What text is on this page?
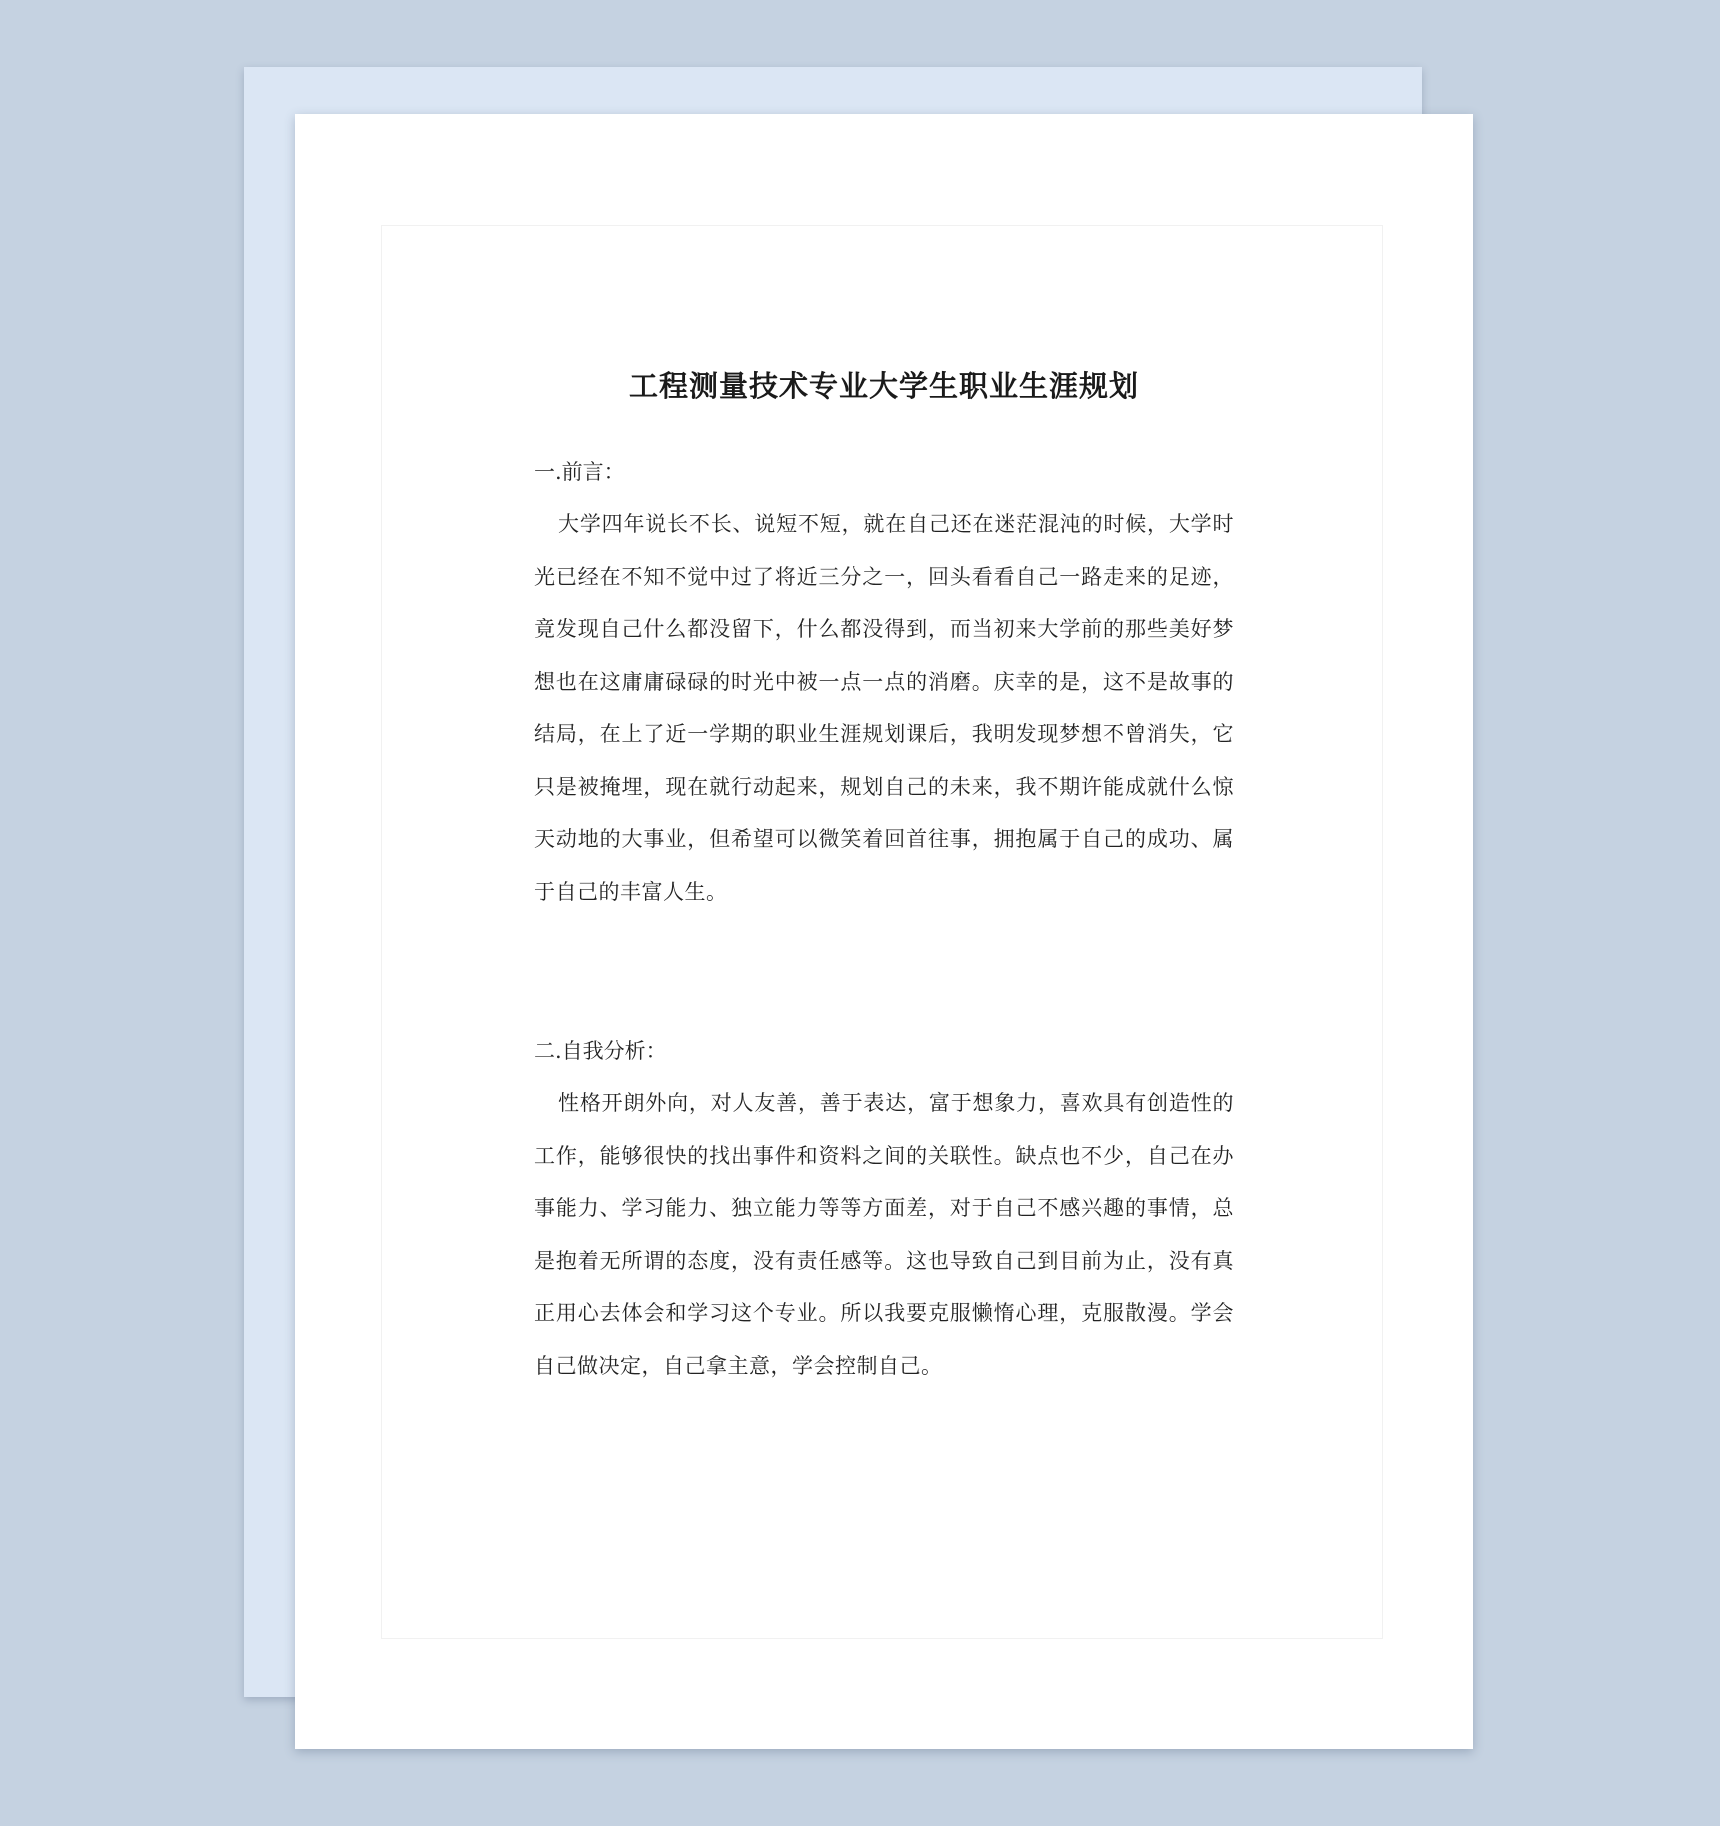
工程测量技术专业大学生职业生涯规划

一.前言：

大学四年说长不长、说短不短，就在自己还在迷茫混沌的时候，大学时光已经在不知不觉中过了将近三分之一，回头看看自己一路走来的足迹，竟发现自己什么都没留下，什么都没得到，而当初来大学前的那些美好梦想也在这庸庸碌碌的时光中被一点一点的消磨。庆幸的是，这不是故事的结局，在上了近一学期的职业生涯规划课后，我明发现梦想不曾消失，它只是被掩埋，现在就行动起来，规划自己的未来，我不期许能成就什么惊天动地的大事业，但希望可以微笑着回首往事，拥抱属于自己的成功、属于自己的丰富人生。

二.自我分析：

性格开朗外向，对人友善，善于表达，富于想象力，喜欢具有创造性的工作，能够很快的找出事件和资料之间的关联性。缺点也不少，自己在办事能力、学习能力、独立能力等等方面差，对于自己不感兴趣的事情，总是抱着无所谓的态度，没有责任感等。这也导致自己到目前为止，没有真正用心去体会和学习这个专业。所以我要克服懒惰心理，克服散漫。学会自己做决定，自己拿主意，学会控制自己。
